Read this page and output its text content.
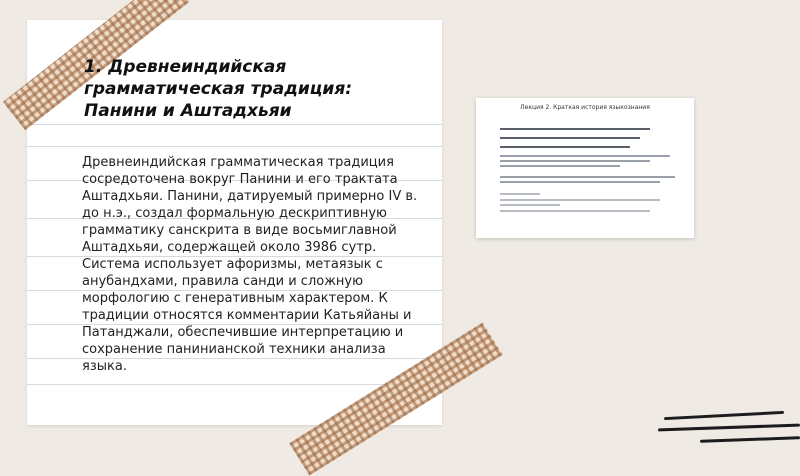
1. Древнеиндийская грамматическая традиция: Панини и Аштадхьяи

Древнеиндийская грамматическая традиция сосредоточена вокруг Панини и его трактата Аштадхьяи. Панини, датируемый примерно IV в. до н.э., создал формальную дескриптивную грамматику санскрита в виде восьмиглавной Аштадхьяи, содержащей около 3986 сутр. Система использует афоризмы, метаязык с анубандхами, правила санди и сложную морфологию с генеративным характером. К традиции относятся комментарии Катьяйаны и Патанджали, обеспечившие интерпретацию и сохранение панинианской техники анализа языка.

Лекция 2. Краткая история языкознания
